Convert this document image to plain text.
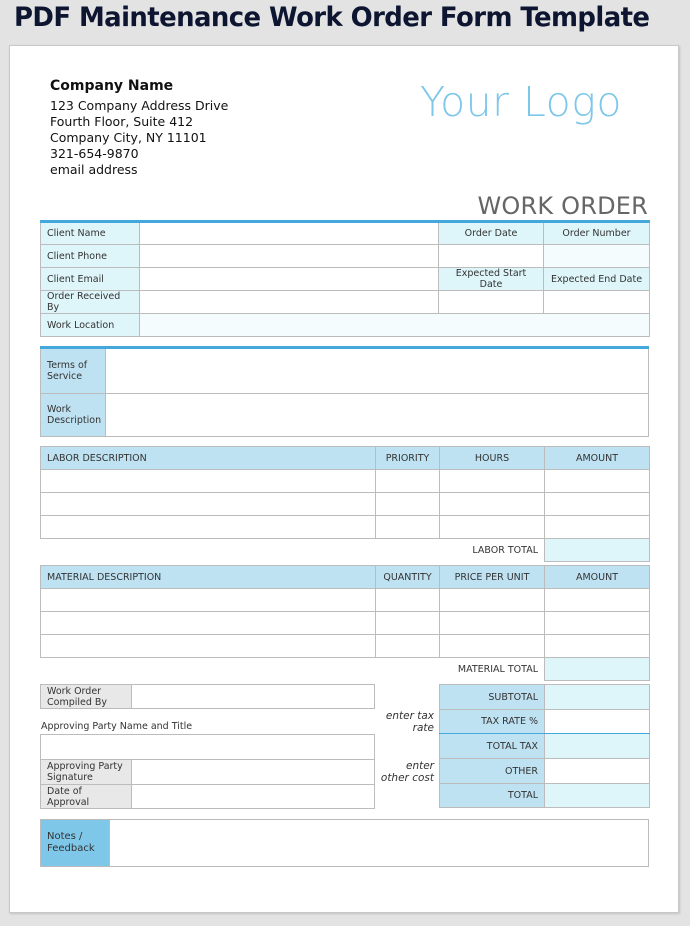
PDF Maintenance Work Order Form Template
Company Name
123 Company Address Drive
Fourth Floor, Suite 412
Company City, NY 11101
321-654-9870
email address
Your Logo
WORK ORDER
Client Name		Order Date	Order Number
Client Phone			
Client Email		Expected Start Date	Expected End Date
Order Received By			
Work Location			
Terms of Service	
Work Description	
LABOR DESCRIPTION	PRIORITY	HOURS	AMOUNT

LABOR TOTAL			
MATERIAL DESCRIPTION	QUANTITY	PRICE PER UNIT	AMOUNT

MATERIAL TOTAL			
Work Order Compiled By	
Approving Party Name and Title

Approving Party Signature	
Date of Approval	
enter tax rate
enter other cost
SUBTOTAL	
TAX RATE %	
TOTAL TAX	
OTHER	
TOTAL	
Notes / Feedback	
